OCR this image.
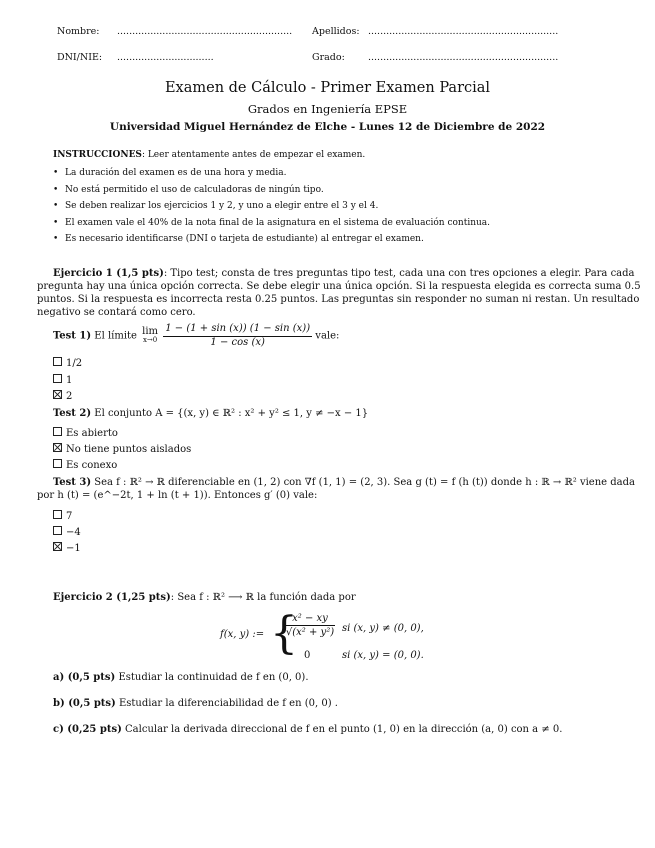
Nombre: .......................................................... Apellidos: ...............................................................
DNI/NIE: ................................	Grado: ...............................................................
Examen de Cálculo - Primer Examen Parcial
Grados en Ingeniería EPSE
Universidad Miguel Hernández de Elche - Lunes 12 de Diciembre de 2022
INSTRUCCIONES: Leer atentamente antes de empezar el examen.
• La duración del examen es de una hora y media.
• No está permitido el uso de calculadoras de ningún tipo.
• Se deben realizar los ejercicios 1 y 2, y uno a elegir entre el 3 y el 4.
• El examen vale el 40% de la nota final de la asignatura en el sistema de evaluación continua.
• Es necesario identificarse (DNI o tarjeta de estudiante) al entregar el examen.
Ejercicio 1 (1,5 pts): Tipo test; consta de tres preguntas tipo test, cada una con tres opciones a elegir. Para cada
pregunta hay una única opción correcta. Se debe elegir una única opción. Si la respuesta elegida es correcta suma 0.5
puntos. Si la respuesta es incorrecta resta 0.25 puntos. Las preguntas sin responder no suman ni restan. Un resultado
negativo se contará como cero.
Test 1) El límite lim
x→0
$\frac{1 - (1 + \sin (x)) (1 - \sin (x))}{1 - \cos (x)}$ vale:
1/2
1
2
Test 2) El conjunto A = {(x, y) ∈ ℝ² : x² + y² ≤ 1, y ≠ −x − 1}
Es abierto
No tiene puntos aislados
Es conexo
Test 3) Sea f : ℝ² → ℝ diferenciable en (1, 2) con ∇f (1, 1) = (2, 3). Sea g (t) = f (h (t)) donde h : ℝ → ℝ² viene dada
por h (t) = (e^−2t, 1 + ln (t + 1)). Entonces g′ (0) vale:
7
−4
−1
Ejercicio 2 (1,25 pts): Sea f : ℝ² ⟶ ℝ la función dada por
f(x, y) := {
$\frac{\text{x² − xy}}{\text{√(x² + y²)}}$ si (x, y) ≠ (0, 0),
0	si (x, y) = (0, 0).
a) (0,5 pts) Estudiar la continuidad de f en (0, 0).
b) (0,5 pts) Estudiar la diferenciabilidad de f en (0, 0) .
c) (0,25 pts) Calcular la derivada direccional de f en el punto (1, 0) en la dirección (a, 0) con a ≠ 0.
